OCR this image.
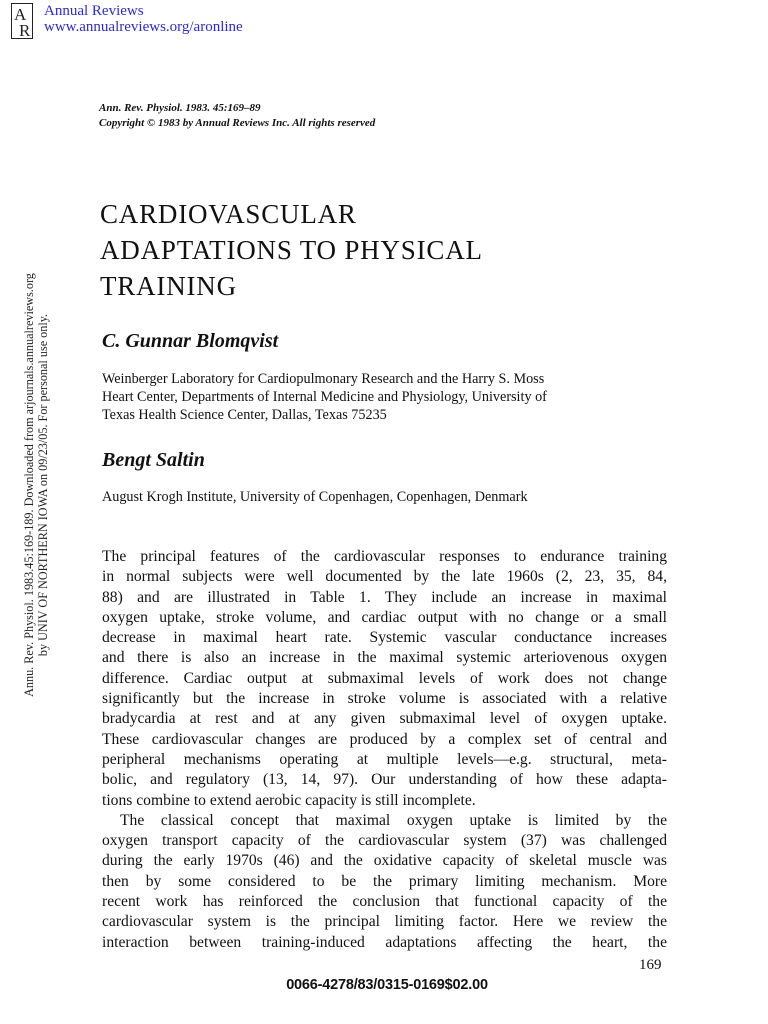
A
R
Annual Reviews
www.annualreviews.org/aronline
Annu. Rev. Physiol. 1983.45:169-189. Downloaded from arjournals.annualreviews.org by UNIV OF NORTHERN IOWA on 09/23/05. For personal use only.
Ann. Rev. Physiol. 1983. 45:169–89
Copyright © 1983 by Annual Reviews Inc. All rights reserved
CARDIOVASCULAR
ADAPTATIONS TO PHYSICAL
TRAINING
C. Gunnar Blomqvist
Weinberger Laboratory for Cardiopulmonary Research and the Harry S. Moss
Heart Center, Departments of Internal Medicine and Physiology, University of
Texas Health Science Center, Dallas, Texas 75235
Bengt Saltin
August Krogh Institute, University of Copenhagen, Copenhagen, Denmark
The principal features of the cardiovascular responses to endurance training
in normal subjects were well documented by the late 1960s (2, 23, 35, 84,
88) and are illustrated in Table 1. They include an increase in maximal
oxygen uptake, stroke volume, and cardiac output with no change or a small
decrease in maximal heart rate. Systemic vascular conductance increases
and there is also an increase in the maximal systemic arteriovenous oxygen
difference. Cardiac output at submaximal levels of work does not change
significantly but the increase in stroke volume is associated with a relative
bradycardia at rest and at any given submaximal level of oxygen uptake.
These cardiovascular changes are produced by a complex set of central and
peripheral mechanisms operating at multiple levels—e.g. structural, meta-
bolic, and regulatory (13, 14, 97). Our understanding of how these adapta-
tions combine to extend aerobic capacity is still incomplete.
The classical concept that maximal oxygen uptake is limited by the
oxygen transport capacity of the cardiovascular system (37) was challenged
during the early 1970s (46) and the oxidative capacity of skeletal muscle was
then by some considered to be the primary limiting mechanism. More
recent work has reinforced the conclusion that functional capacity of the
cardiovascular system is the principal limiting factor. Here we review the
interaction between training-induced adaptations affecting the heart, the
169
0066-4278/83/0315-0169$02.00
